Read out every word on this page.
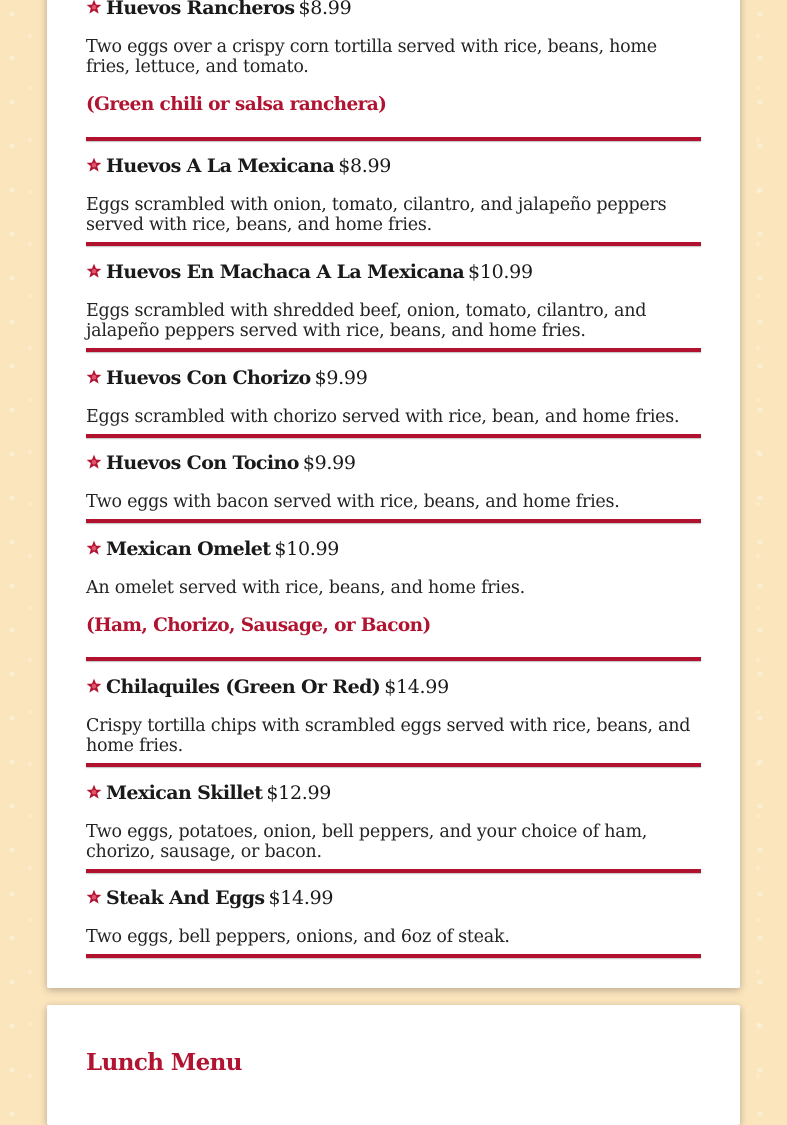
Huevos Rancheros $8.99
Two eggs over a crispy corn tortilla served with rice, beans, home fries, lettuce, and tomato.
(Green chili or salsa ranchera)
Huevos A La Mexicana $8.99
Eggs scrambled with onion, tomato, cilantro, and jalapeño peppers served with rice, beans, and home fries.
Huevos En Machaca A La Mexicana $10.99
Eggs scrambled with shredded beef, onion, tomato, cilantro, and jalapeño peppers served with rice, beans, and home fries.
Huevos Con Chorizo $9.99
Eggs scrambled with chorizo served with rice, bean, and home fries.
Huevos Con Tocino $9.99
Two eggs with bacon served with rice, beans, and home fries.
Mexican Omelet $10.99
An omelet served with rice, beans, and home fries.
(Ham, Chorizo, Sausage, or Bacon)
Chilaquiles (Green Or Red) $14.99
Crispy tortilla chips with scrambled eggs served with rice, beans, and home fries.
Mexican Skillet $12.99
Two eggs, potatoes, onion, bell peppers, and your choice of ham, chorizo, sausage, or bacon.
Steak And Eggs $14.99
Two eggs, bell peppers, onions, and 6oz of steak.
Lunch Menu
